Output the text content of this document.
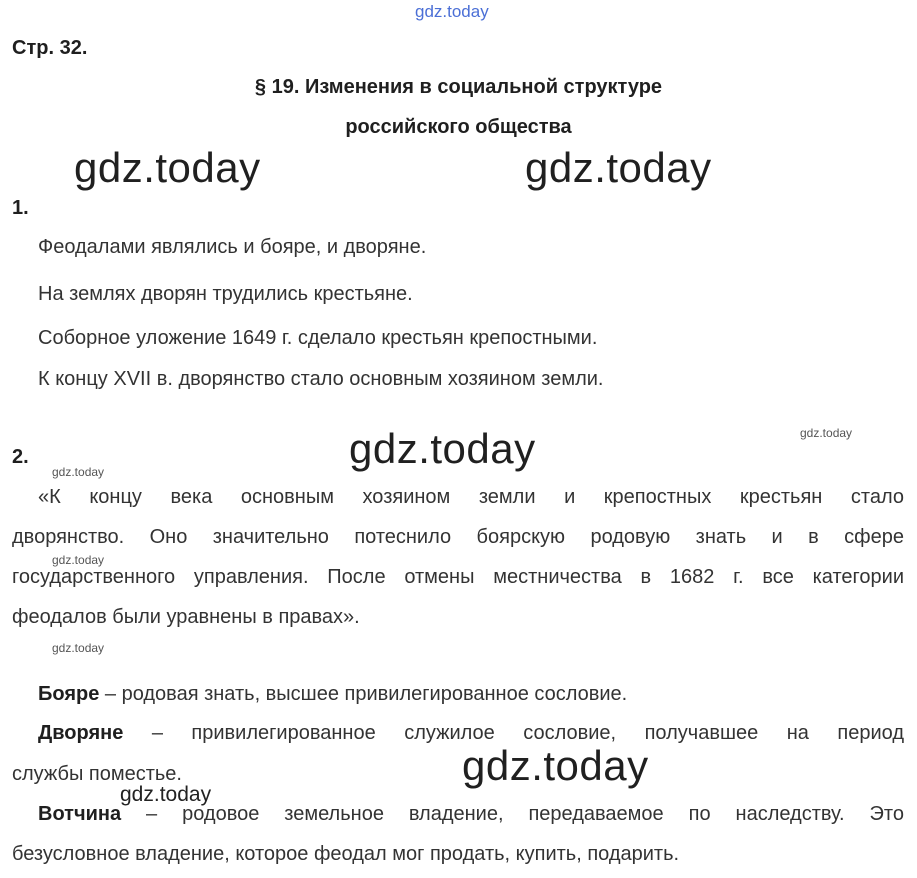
gdz.today
gdz.today	gdz.today
gdz.today
gdz.today
gdz.today
gdz.today
gdz.today
gdz.today
gdz.today
Стр. 32.
§ 19. Изменения в социальной структуре
российского общества
1.
Феодалами являлись и бояре, и дворяне.
На землях дворян трудились крестьяне.
Соборное уложение 1649 г. сделало крестьян крепостными.
К концу XVII в. дворянство стало основным хозяином земли.
2.
«К концу века основным хозяином земли и крепостных крестьян стало
дворянство. Оно значительно потеснило боярскую родовую знать и в сфере
государственного управления. После отмены местничества в 1682 г. все категории
феодалов были уравнены в правах».
Бояре – родовая знать, высшее привилегированное сословие.
Дворяне – привилегированное служилое сословие, получавшее на период
службы поместье.
Вотчина – родовое земельное владение, передаваемое по наследству. Это
безусловное владение, которое феодал мог продать, купить, подарить.
